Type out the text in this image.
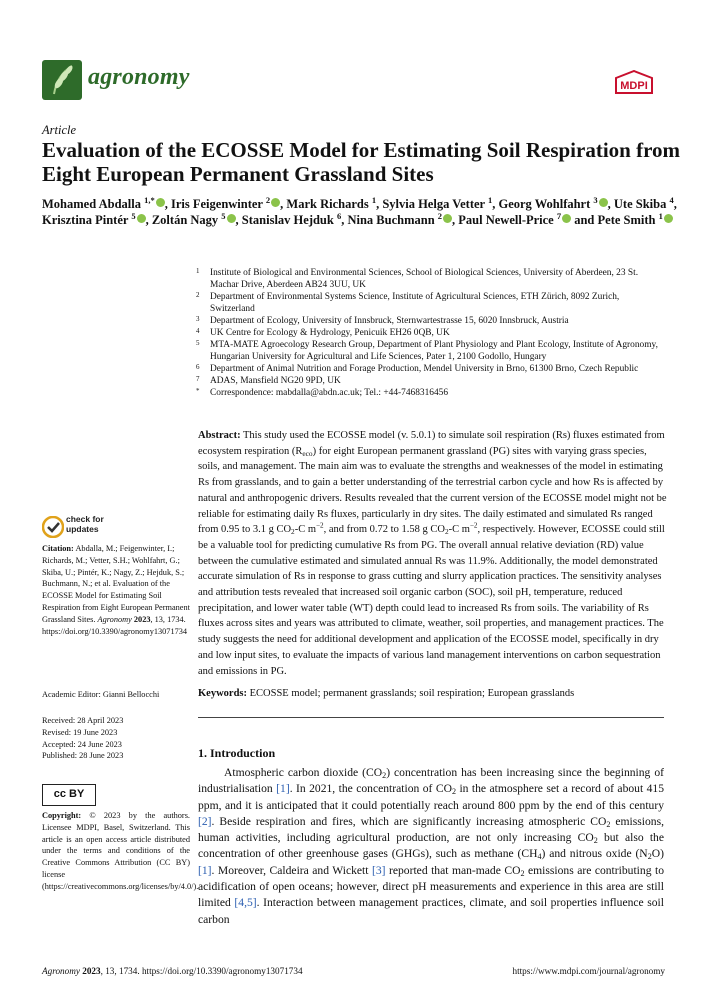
agronomy	MDPI
Article
Evaluation of the ECOSSE Model for Estimating Soil Respiration from Eight European Permanent Grassland Sites
Mohamed Abdalla $^{1,*}$ , Iris Feigenwinter $^2$ , Mark Richards $^1$, Sylvia Helga Vetter $^1$, Georg Wohlfahrt $^3$ , Ute Skiba $^4$, Krisztina Pintér $^5$ , Zoltán Nagy $^5$ , Stanislav Hejduk $^6$, Nina Buchmann $^2$ , Paul Newell-Price $^7$ and Pete Smith $^1$
1 Institute of Biological and Environmental Sciences, School of Biological Sciences, University of Aberdeen, 23 St. Machar Drive, Aberdeen AB24 3UU, UK
2 Department of Environmental Systems Science, Institute of Agricultural Sciences, ETH Zürich, 8092 Zurich, Switzerland
3 Department of Ecology, University of Innsbruck, Sternwartestrasse 15, 6020 Innsbruck, Austria
4 UK Centre for Ecology & Hydrology, Penicuik EH26 0QB, UK
5 MTA-MATE Agroecology Research Group, Department of Plant Physiology and Plant Ecology, Institute of Agronomy, Hungarian University for Agricultural and Life Sciences, Pater 1, 2100 Godollo, Hungary
6 Department of Animal Nutrition and Forage Production, Mendel University in Brno, 61300 Brno, Czech Republic
7 ADAS, Mansfield NG20 9PD, UK
* Correspondence: mabdalla@abdn.ac.uk; Tel.: +44-7468316456
Abstract: This study used the ECOSSE model (v. 5.0.1) to simulate soil respiration (Rs) fluxes estimated from ecosystem respiration $(R_{eco})$ for eight European permanent grassland (PG) sites with varying grass species, soils, and management. The main aim was to evaluate the strengths and weaknesses of the model in estimating Rs from grasslands, and to gain a better understanding of the terrestrial carbon cycle and how Rs is affected by natural and anthropogenic drivers. Results revealed that the current version of the ECOSSE model might not be reliable for estimating daily Rs fluxes, particularly in dry sites. The daily estimated and simulated Rs ranged from 0.95 to 3.1 g $CO_2-C$ $m^{-2}$, and from 0.72 to 1.58 g $CO_2-C$ $m^{-2}$, respectively. However, ECOSSE could still be a valuable tool for predicting cumulative Rs from PG. The overall annual relative deviation (RD) value between the cumulative estimated and simulated annual Rs was 11.9%. Additionally, the model demonstrated accurate simulation of Rs in response to grass cutting and slurry application practices. The sensitivity analyses and attribution tests revealed that increased soil organic carbon (SOC), soil pH, temperature, reduced precipitation, and lower water table (WT) depth could lead to increased Rs from soils. The variability of Rs fluxes across sites and years was attributed to climate, weather, soil properties, and management practices. The study suggests the need for additional development and application of the ECOSSE model, specifically in dry and low input sites, to evaluate the impacts of various land management interventions on carbon sequestration and emissions in PG.
Keywords: ECOSSE model; permanent grasslands; soil respiration; European grasslands
1. Introduction

Atmospheric carbon dioxide $(CO_2)$ concentration has been increasing since the beginning of industrialisation [1]. In 2021, the concentration of $CO_2$ in the atmosphere set a record of about 415 ppm, and it is anticipated that it could potentially reach around 800 ppm by the end of this century [2]. Beside respiration and fires, which are significantly increasing atmospheric $CO_2$ emissions, human activities, including agricultural production, are not only increasing $CO_2$ but also the concentration of other greenhouse gases (GHGs), such as methane $(CH_4)$ and nitrous oxide $(N_2O)$ [1]. Moreover, Caldeira and Wickett [3] reported that man-made $CO_2$ emissions are contributing to acidification of open oceans; however, direct pH measurements and experience in this area are still limited [4,5]. Interaction between management practices, climate, and soil properties influence soil carbon

check for updates
Citation: Abdalla, M.; Feigenwinter, I.; Richards, M.; Vetter, S.H.; Wohlfahrt, G.; Skiba, U.; Pintér, K.; Nagy, Z.; Hejduk, S.; Buchmann, N.; et al. Evaluation of the ECOSSE Model for Estimating Soil Respiration from Eight European Permanent Grassland Sites. Agronomy 2023, 13, 1734. https://doi.org/10.3390/agronomy13071734
Academic Editor: Gianni Bellocchi
Received: 28 April 2023
Revised: 19 June 2023
Accepted: 24 June 2023
Published: 28 June 2023
cc BY
Copyright: © 2023 by the authors. Licensee MDPI, Basel, Switzerland. This article is an open access article distributed under the terms and conditions of the Creative Commons Attribution (CC BY) license (https://creativecommons.org/licenses/by/4.0/).
Agronomy 2023, 13, 1734. https://doi.org/10.3390/agronomy13071734	https://www.mdpi.com/journal/agronomy
